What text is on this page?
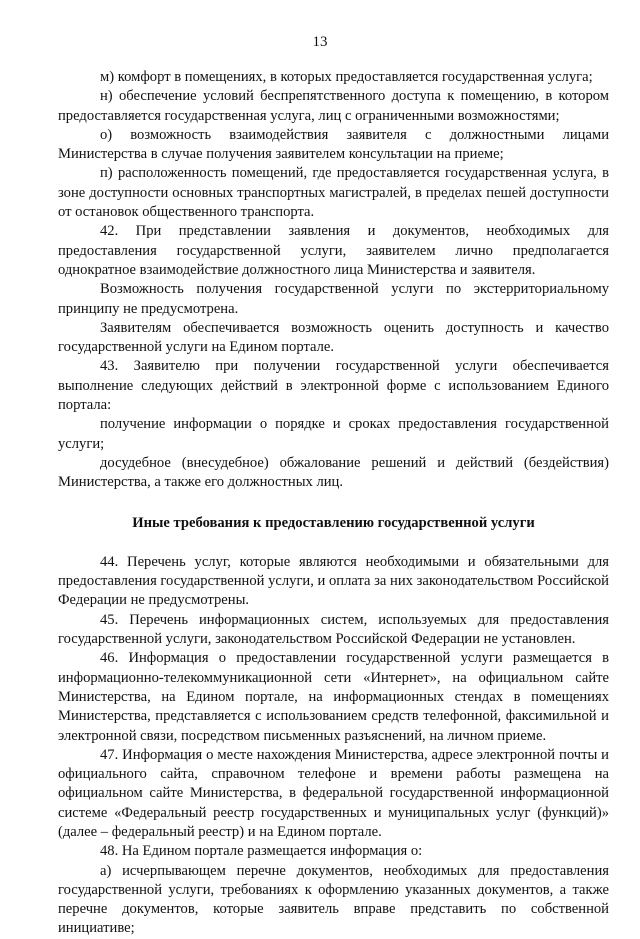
13

м) комфорт в помещениях, в которых предоставляется государственная услуга;

н) обеспечение условий беспрепятственного доступа к помещению, в котором предоставляется государственная услуга, лиц с ограниченными возможностями;

о) возможность взаимодействия заявителя с должностными лицами Министерства в случае получения заявителем консультации на приеме;

п) расположенность помещений, где предоставляется государственная услуга, в зоне доступности основных транспортных магистралей, в пределах пешей доступности от остановок общественного транспорта.

42. При представлении заявления и документов, необходимых для предоставления государственной услуги, заявителем лично предполагается однократное взаимодействие должностного лица Министерства и заявителя.

Возможность получения государственной услуги по экстерриториальному принципу не предусмотрена.

Заявителям обеспечивается возможность оценить доступность и качество государственной услуги на Едином портале.

43. Заявителю при получении государственной услуги обеспечивается выполнение следующих действий в электронной форме с использованием Единого портала:

получение информации о порядке и сроках предоставления государственной услуги;

досудебное (внесудебное) обжалование решений и действий (бездействия) Министерства, а также его должностных лиц.

Иные требования к предоставлению государственной услуги

44. Перечень услуг, которые являются необходимыми и обязательными для предоставления государственной услуги, и оплата за них законодательством Российской Федерации не предусмотрены.

45. Перечень информационных систем, используемых для предоставления государственной услуги, законодательством Российской Федерации не установлен.

46. Информация о предоставлении государственной услуги размещается в информационно-телекоммуникационной сети «Интернет», на официальном сайте Министерства, на Едином портале, на информационных стендах в помещениях Министерства, представляется с использованием средств телефонной, факсимильной и электронной связи, посредством письменных разъяснений, на личном приеме.

47. Информация о месте нахождения Министерства, адресе электронной почты и официального сайта, справочном телефоне и времени работы размещена на официальном сайте Министерства, в федеральной государственной информационной системе «Федеральный реестр государственных и муниципальных услуг (функций)» (далее – федеральный реестр) и на Едином портале.

48. На Едином портале размещается информация о:

а) исчерпывающем перечне документов, необходимых для предоставления государственной услуги, требованиях к оформлению указанных документов, а также перечне документов, которые заявитель вправе представить по собственной инициативе;
